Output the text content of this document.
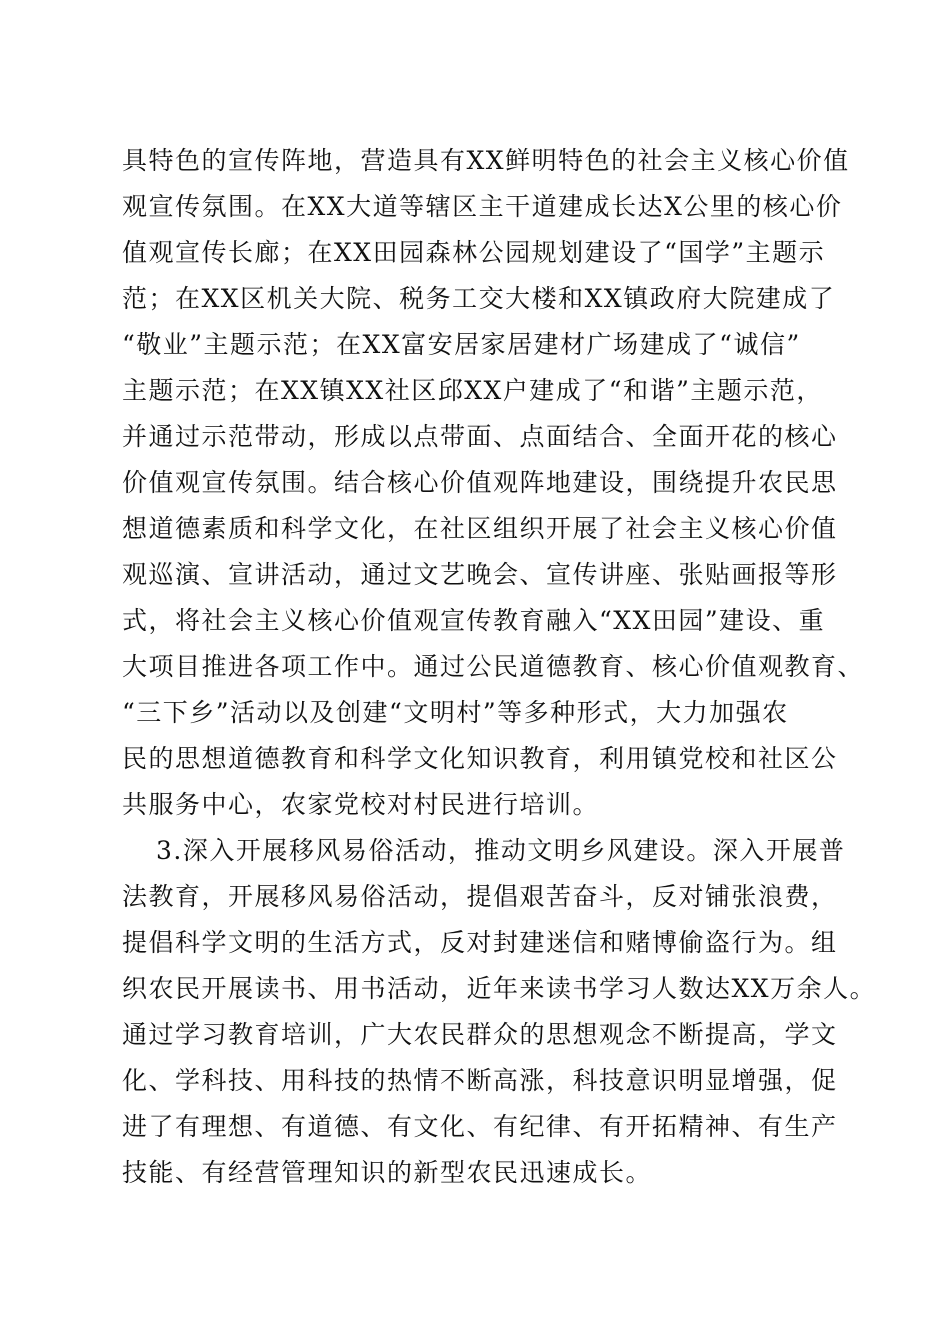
具特色的宣传阵地，营造具有XX鲜明特色的社会主义核心价值
观宣传氛围。在XX大道等辖区主干道建成长达X公里的核心价
值观宣传长廊；在XX田园森林公园规划建设了“国学”主题示
范；在XX区机关大院、税务工交大楼和XX镇政府大院建成了
“敬业”主题示范；在XX富安居家居建材广场建成了“诚信”
主题示范；在XX镇XX社区邱XX户建成了“和谐”主题示范，
并通过示范带动，形成以点带面、点面结合、全面开花的核心
价值观宣传氛围。结合核心价值观阵地建设，围绕提升农民思
想道德素质和科学文化，在社区组织开展了社会主义核心价值
观巡演、宣讲活动，通过文艺晚会、宣传讲座、张贴画报等形
式，将社会主义核心价值观宣传教育融入“XX田园”建设、重
大项目推进各项工作中。通过公民道德教育、核心价值观教育、
“三下乡”活动以及创建“文明村”等多种形式，大力加强农
民的思想道德教育和科学文化知识教育，利用镇党校和社区公
共服务中心，农家党校对村民进行培训。
3.深入开展移风易俗活动，推动文明乡风建设。深入开展普
法教育，开展移风易俗活动，提倡艰苦奋斗，反对铺张浪费，
提倡科学文明的生活方式，反对封建迷信和赌博偷盗行为。组
织农民开展读书、用书活动，近年来读书学习人数达XX万余人。
通过学习教育培训，广大农民群众的思想观念不断提高，学文
化、学科技、用科技的热情不断高涨，科技意识明显增强，促
进了有理想、有道德、有文化、有纪律、有开拓精神、有生产
技能、有经营管理知识的新型农民迅速成长。
